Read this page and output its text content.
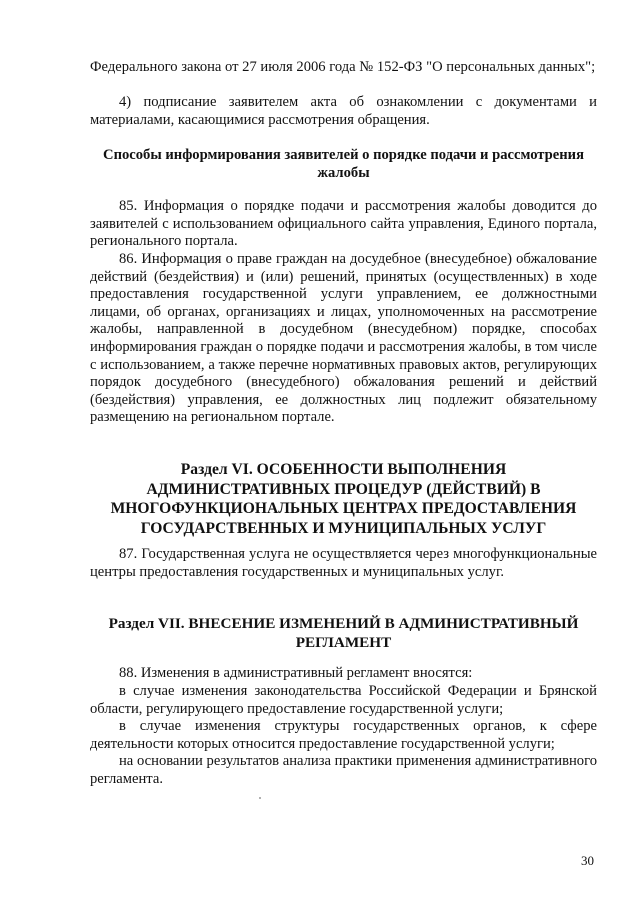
Федерального закона от 27 июля 2006 года № 152-ФЗ "О персональных данных";

4) подписание заявителем акта об ознакомлении с документами и материалами, касающимися рассмотрения обращения.

Способы информирования заявителей о порядке подачи и рассмотрения жалобы

85. Информация о порядке подачи и рассмотрения жалобы доводится до заявителей с использованием официального сайта управления, Единого портала, регионального портала.

86. Информация о праве граждан на досудебное (внесудебное) обжалование действий (бездействия) и (или) решений, принятых (осуществленных) в ходе предоставления государственной услуги управлением, ее должностными лицами, об органах, организациях и лицах, уполномоченных на рассмотрение жалобы, направленной в досудебном (внесудебном) порядке, способах информирования граждан о порядке подачи и рассмотрения жалобы, в том числе с использованием, а также перечне нормативных правовых актов, регулирующих порядок досудебного (внесудебного) обжалования решений и действий (бездействия) управления, ее должностных лиц подлежит обязательному размещению на региональном портале.

Раздел VI. ОСОБЕННОСТИ ВЫПОЛНЕНИЯ АДМИНИСТРАТИВНЫХ ПРОЦЕДУР (ДЕЙСТВИЙ) В МНОГОФУНКЦИОНАЛЬНЫХ ЦЕНТРАХ ПРЕДОСТАВЛЕНИЯ ГОСУДАРСТВЕННЫХ И МУНИЦИПАЛЬНЫХ УСЛУГ

87. Государственная услуга не осуществляется через многофункциональные центры предоставления государственных и муниципальных услуг.

Раздел VII. ВНЕСЕНИЕ ИЗМЕНЕНИЙ В АДМИНИСТРАТИВНЫЙ РЕГЛАМЕНТ

88. Изменения в административный регламент вносятся:

в случае изменения законодательства Российской Федерации и Брянской области, регулирующего предоставление государственной услуги;

в случае изменения структуры государственных органов, к сфере деятельности которых относится предоставление государственной услуги;

на основании результатов анализа практики применения административного регламента.

30
